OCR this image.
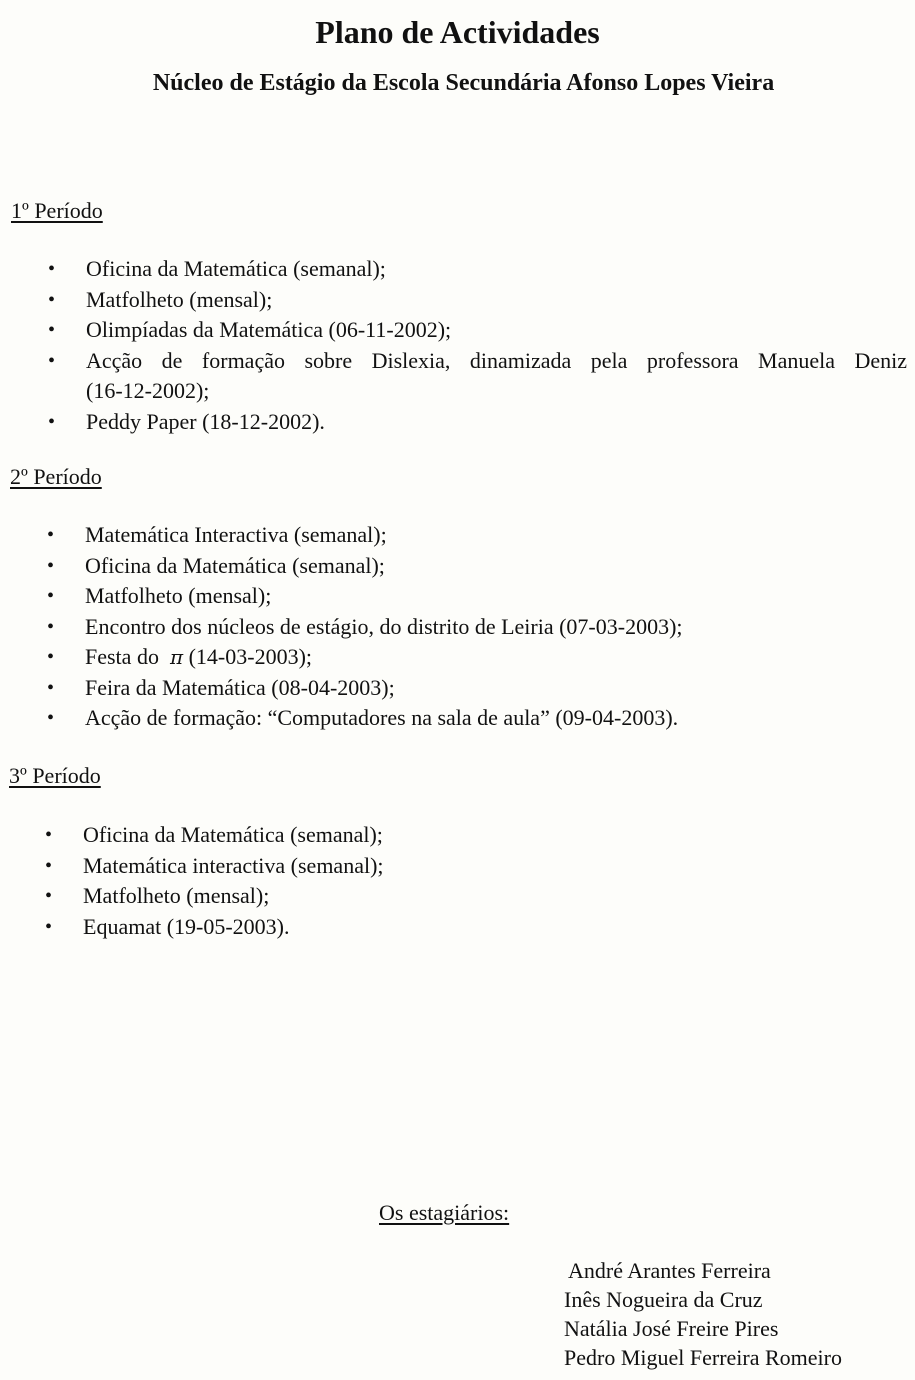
Plano de Actividades
Núcleo de Estágio da Escola Secundária Afonso Lopes Vieira
1º Período
•	Oficina da Matemática (semanal);
•	Matfolheto (mensal);
•	Olimpíadas da Matemática (06-11-2002);
•	Acção de formação sobre Dislexia, dinamizada pela professora Manuela Deniz
(16-12-2002);
•	Peddy Paper (18-12-2002).
2º Período
•	Matemática Interactiva (semanal);
•	Oficina da Matemática (semanal);
•	Matfolheto (mensal);
•	Encontro dos núcleos de estágio, do distrito de Leiria (07-03-2003);
•	Festa do π (14-03-2003);
•	Feira da Matemática (08-04-2003);
•	Acção de formação: “Computadores na sala de aula” (09-04-2003).
3º Período
•	Oficina da Matemática (semanal);
•	Matemática interactiva (semanal);
•	Matfolheto (mensal);
•	Equamat (19-05-2003).
Os estagiários:
André Arantes Ferreira
Inês Nogueira da Cruz
Natália José Freire Pires
Pedro Miguel Ferreira Romeiro
